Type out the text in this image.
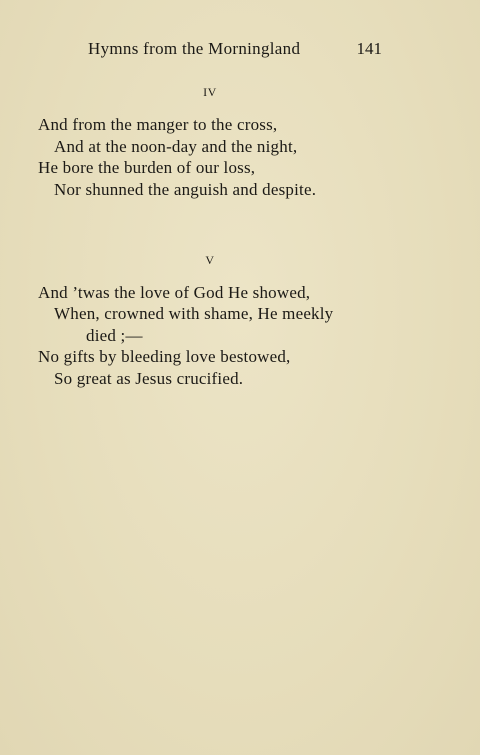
Hymns from the Morningland	141
IV
And from the manger to the cross,
And at the noon-day and the night,
He bore the burden of our loss,
Nor shunned the anguish and despite.
V
And ’twas the love of God He showed,
When, crowned with shame, He meekly
died ;—
No gifts by bleeding love bestowed,
So great as Jesus crucified.
